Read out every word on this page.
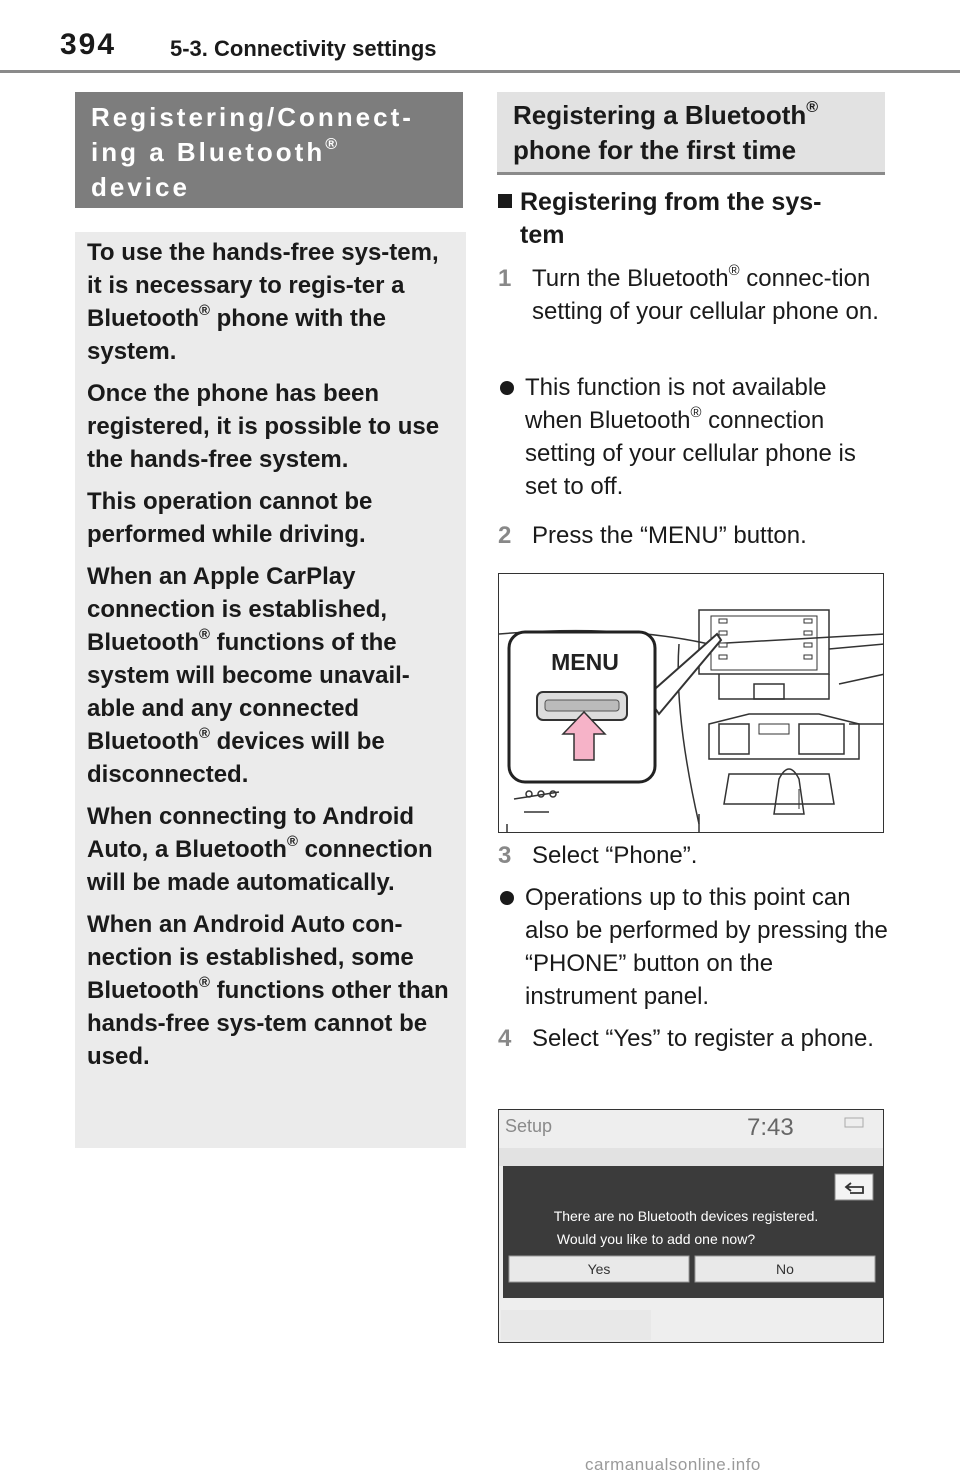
394 5-3. Connectivity settings
Registering/Connect-
ing a Bluetooth®
device

To use the hands-free sys-tem, it is necessary to regis-ter a Bluetooth® phone with the system.

Once the phone has been registered, it is possible to use the hands-free system.

This operation cannot be performed while driving.

When an Apple CarPlay connection is established, Bluetooth® functions of the system will become unavail-able and any connected Bluetooth® devices will be disconnected.

When connecting to Android Auto, a Bluetooth® connection will be made automatically.

When an Android Auto con-nection is established, some Bluetooth® functions other than hands-free sys-tem cannot be used.

Registering a Bluetooth®
phone for the first time
Registering from the sys-tem
1 Turn the Bluetooth® connec-tion setting of your cellular phone on.
This function is not available when Bluetooth® connection setting of your cellular phone is set to off.
2 Press the “MENU” button.
MENU
3 Select “Phone”.
Operations up to this point can also be performed by pressing the “PHONE” button on the instrument panel.
4 Select “Yes” to register a phone.
Setup	7:43
There are no Bluetooth devices registered.
Would you like to add one now?
Yes	No
carmanualsonline.info
